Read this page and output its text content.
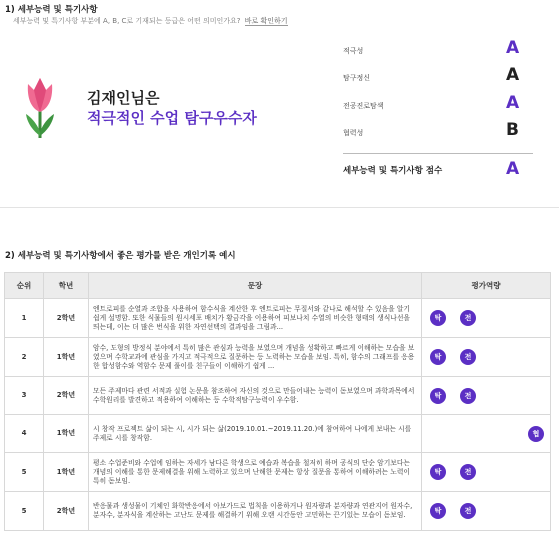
1) 세부능력 및 특기사항
세부능력 및 특기사항 부분에 A, B, C로 기재되는 등급은 어떤 의미인가요? 바로 확인하기
김재인님은
적극적인 수업 탐구우수자
적극성	A
탐구정신	A
전공진로탐색	A
협력성	B
세부능력 및 특기사항 점수	A
2) 세부능력 및 특기사항에서 좋은 평가를 받은 개인기록 예시
순위	학년	문장	평가역량
1	2학년	엔트로피를 순열과 조합을 사용하여 함수식을 계산한 후 엔트로피는 무질서와 같나로 해석할 수 있음을 알기 쉽게 설명함. 또한 식물들의 원시세포 배치가 황금각을 이용하여 피보나치 수열의 비슷한 형태의 생식나선을 띄는데, 이는 더 많은 번식을 위한 자연선택의 결과임을 그림과...	탁 전

2	1학년	암수, 도형의 방정식 분야에서 특히 많은 관심과 능력을 보였으며 개념을 성확하고 빠르게 이해하는 모습을 보였으며 수학교과에 관심을 가지고 적극적으로 질문하는 등 노력하는 모습을 보임. 특히, 함수의 그래프를 응용한 합성함수와 역함수 문제 풀이를 친구들이 이해하기 쉽게 ...	탁 전

3	2학년	모든 주제마다 관련 서적과 실험 논문을 참조하여 자신의 것으로 만들어내는 능력이 돋보였으며 과학과목에서 수학원리를 발견하고 적용하여 이해하는 등 수학적탐구능력이 우수함.	탁 전

4	1학년	시 창작 프로젝트 삶이 되는 시, 시가 되는 삶(2019.10.01.~2019.11.20.)에 참여하여 나에게 보내는 시를 주제로 시를 창작함.	협

5	1학년	평소 수업준비와 수업에 임하는 자세가 남다른 학생으로 예습과 복습을 철저히 하며 공식의 단순 암기보다는 개념의 이해를 통한 문제해결을 위해 노력하고 있으며 난해한 문제는 항상 질문을 통하여 이해하려는 노력이 특히 돋보임.	탁 전

5	2학년	반응물과 생성물이 기체인 화학반응에서 아보가드로 법칙을 이용하거나 원자량과 분자량과 연관지어 원자수, 분자수, 분자식을 계산하는 고난도 문제를 해결하기 위해 오랜 시간동안 고민하는 끈기있는 모습이 돋보임.	탁 전
